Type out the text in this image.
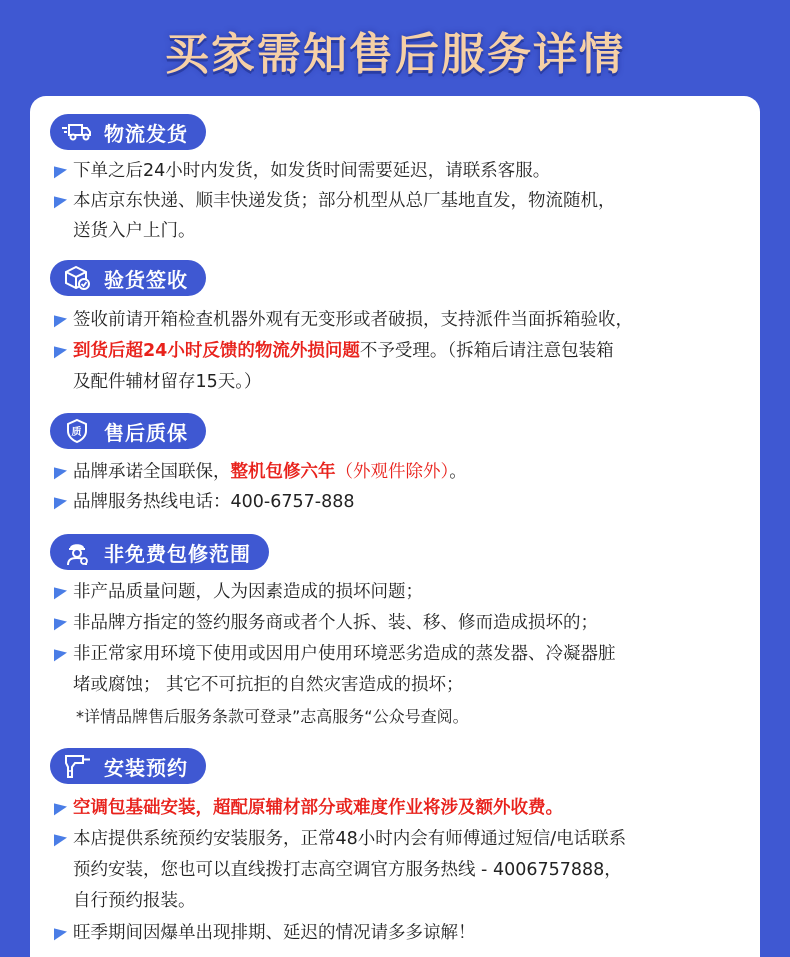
买家需知售后服务详情
物流发货
下单之后24小时内发货，如发货时间需要延迟，请联系客服。
本店京东快递、顺丰快递发货；部分机型从总厂基地直发，物流随机，
送货入户上门。
验货签收
签收前请开箱检查机器外观有无变形或者破损，支持派件当面拆箱验收，
到货后超24小时反馈的物流外损问题不予受理。（拆箱后请注意包装箱
及配件辅材留存15天。）
质 售后质保
品牌承诺全国联保，整机包修六年（外观件除外）。
品牌服务热线电话：400-6757-888
非免费包修范围
非产品质量问题，人为因素造成的损坏问题；
非品牌方指定的签约服务商或者个人拆、装、移、修而造成损坏的；
非正常家用环境下使用或因用户使用环境恶劣造成的蒸发器、冷凝器脏
堵或腐蚀； 其它不可抗拒的自然灾害造成的损坏；
*详情品牌售后服务条款可登录”志高服务“公众号查阅。
安装预约
空调包基础安装，超配原辅材部分或难度作业将涉及额外收费。
本店提供系统预约安装服务，正常48小时内会有师傅通过短信/电话联系
预约安装，您也可以直线拨打志高空调官方服务热线 - 4006757888，
自行预约报装。
旺季期间因爆单出现排期、延迟的情况请多多谅解！
